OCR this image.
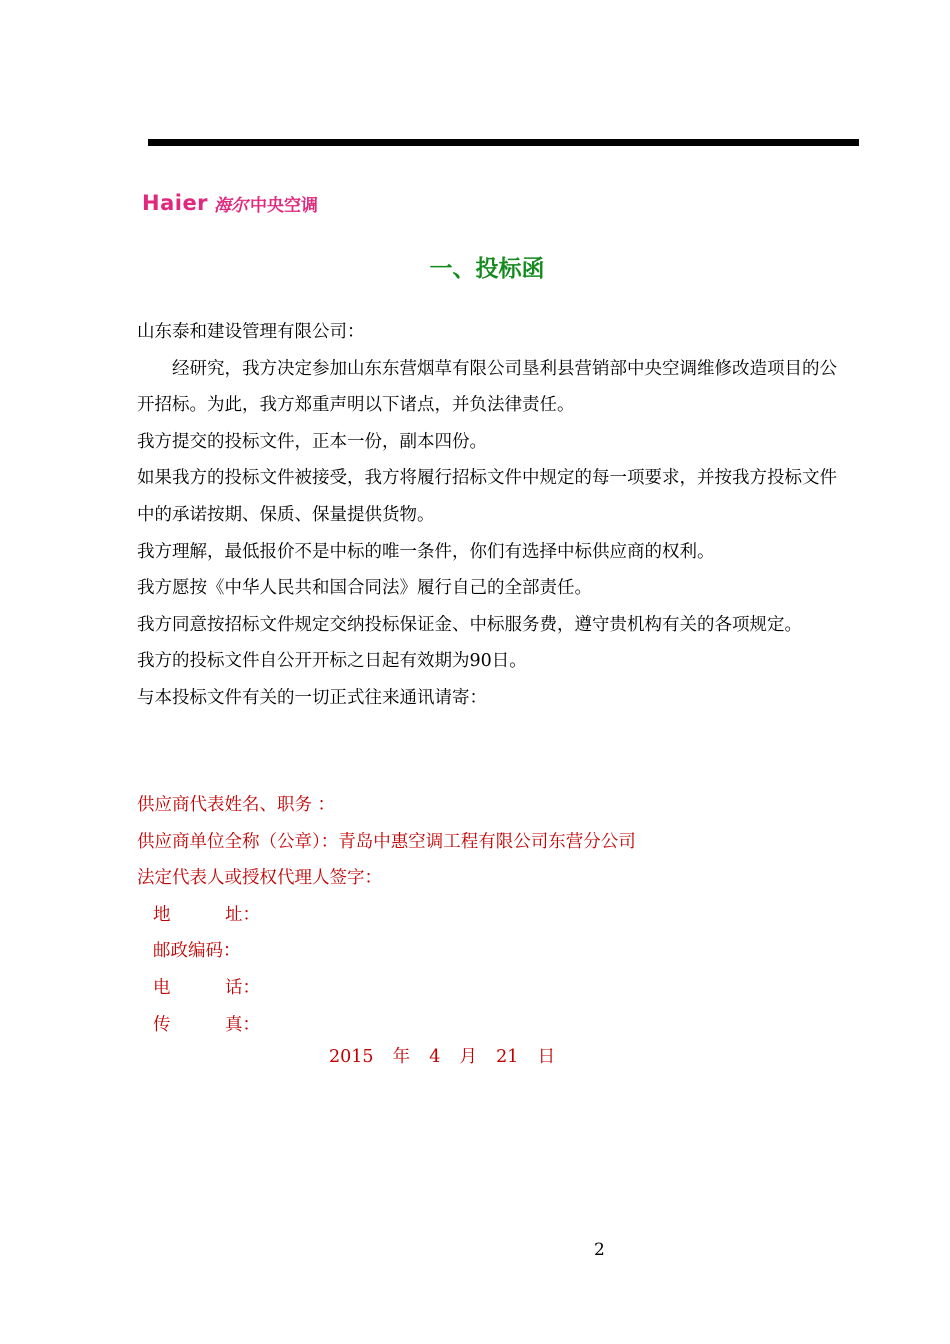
Haier 海尔 中央空调
一、投标函

山东泰和建设管理有限公司：

经研究，我方决定参加山东东营烟草有限公司垦利县营销部中央空调维修改造项目的公开招标。为此，我方郑重声明以下诸点，并负法律责任。

我方提交的投标文件，正本一份，副本四份。

如果我方的投标文件被接受，我方将履行招标文件中规定的每一项要求，并按我方投标文件中的承诺按期、保质、保量提供货物。

我方理解，最低报价不是中标的唯一条件，你们有选择中标供应商的权利。

我方愿按《中华人民共和国合同法》履行自己的全部责任。

我方同意按招标文件规定交纳投标保证金、中标服务费，遵守贵机构有关的各项规定。

我方的投标文件自公开开标之日起有效期为90日。

与本投标文件有关的一切正式往来通讯请寄：

供应商代表姓名、职务 ：

供应商单位全称（公章）：青岛中惠空调工程有限公司东营分公司

法定代表人或授权代理人签字：

地	址：

邮政编码：

电	话：

传	真：

2015  年  4  月  21  日
2
